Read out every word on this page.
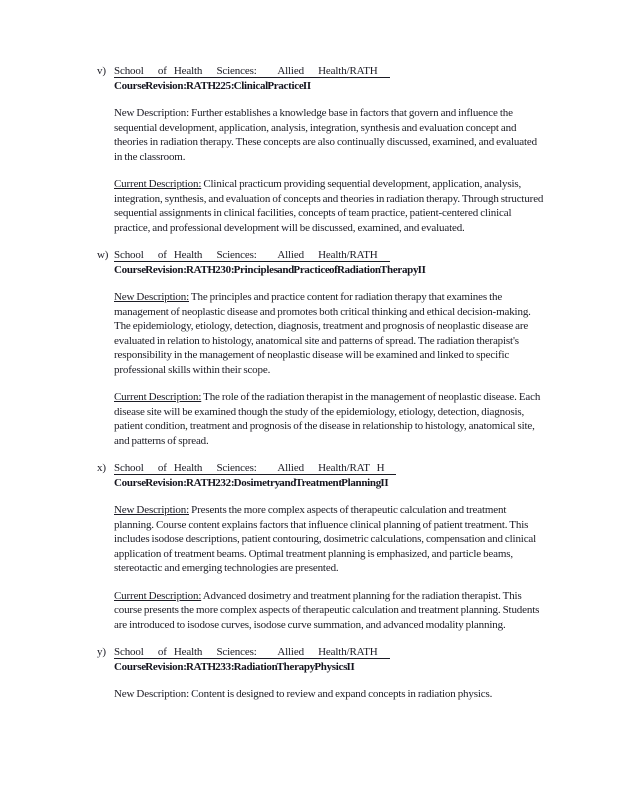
v) School  of Health  Sciences:   Allied  Health/RATH
Course Revision: RATH 225: Clinical Practice II

New Description: Further establishes a knowledge base in factors that govern and influence the sequential development, application, analysis, integration, synthesis and evaluation concept and theories in radiation therapy. These concepts are also continually discussed, examined, and evaluated in the classroom.

Current Description: Clinical practicum providing sequential development, application, analysis, integration, synthesis, and evaluation of concepts and theories in radiation therapy. Through structured sequential assignments in clinical facilities, concepts of team practice, patient-centered clinical practice, and professional development will be discussed, examined, and evaluated.

w) School  of Health  Sciences:   Allied  Health/RATH
Course Revision: RATH 230: Principles and Practice of Radiation Therapy II

New Description: The principles and practice content for radiation therapy that examines the management of neoplastic disease and promotes both critical thinking and ethical decision-making. The epidemiology, etiology, detection, diagnosis, treatment and prognosis of neoplastic disease are evaluated in relation to histology, anatomical site and patterns of spread. The radiation therapist's responsibility in the management of neoplastic disease will be examined and linked to specific professional skills within their scope.

Current Description: The role of the radiation therapist in the management of neoplastic disease. Each disease site will be examined though the study of the epidemiology, etiology, detection, diagnosis, patient condition, treatment and prognosis of the disease in relationship to histology, anatomical site, and patterns of spread.

x) School  of Health  Sciences:   Allied  Health/RAT H
Course Revision: RATH 232: Dosimetry and Treatment Planning II

New Description: Presents the more complex aspects of therapeutic calculation and treatment planning. Course content explains factors that influence clinical planning of patient treatment. This includes isodose descriptions, patient contouring, dosimetric calculations, compensation and clinical application of treatment beams. Optimal treatment planning is emphasized, and particle beams, stereotactic and emerging technologies are presented.

Current Description: Advanced dosimetry and treatment planning for the radiation therapist. This course presents the more complex aspects of therapeutic calculation and treatment planning. Students are introduced to isodose curves, isodose curve summation, and advanced modality planning.

y) School  of Health  Sciences:   Allied  Health/RATH
Course Revision: RATH 233: Radiation Therapy Physics II

New Description: Content is designed to review and expand concepts in radiation physics.
